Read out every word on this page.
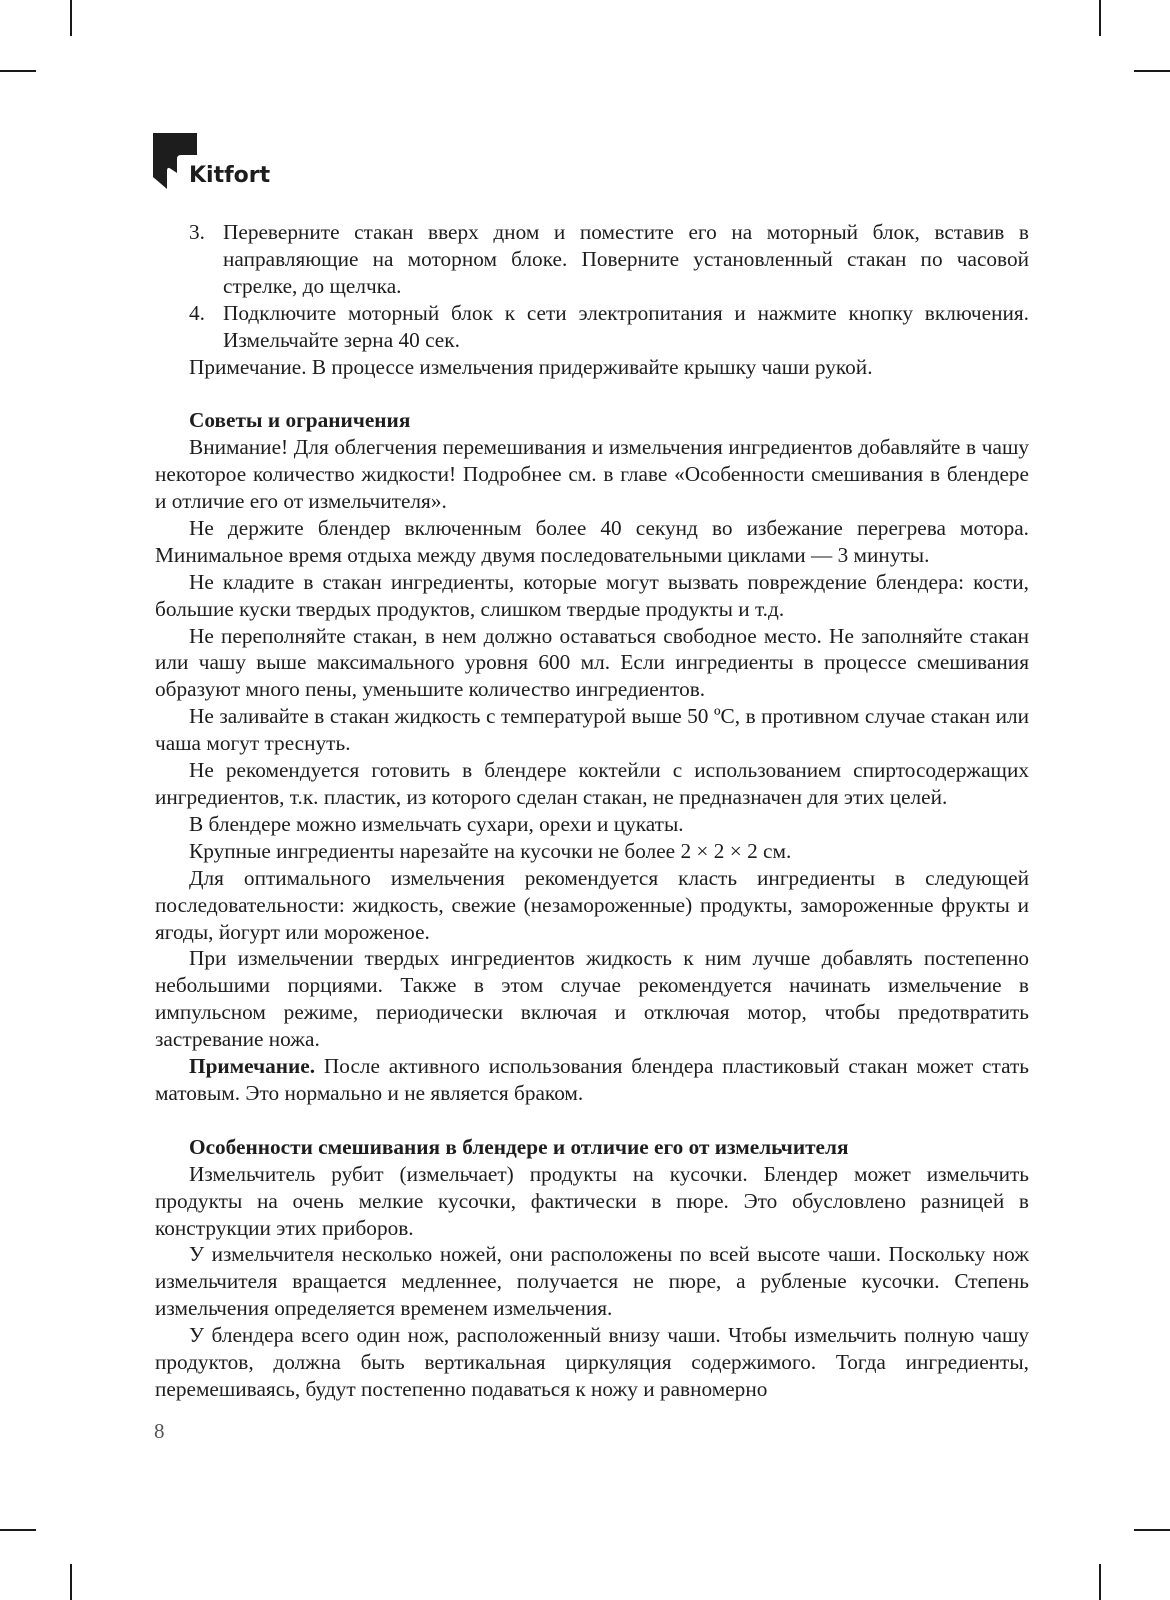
Kitfort
3. Переверните стакан вверх дном и поместите его на моторный блок, вставив в направляющие на моторном блоке. Поверните установленный стакан по часовой стрелке, до щелчка.
4. Подключите моторный блок к сети электропитания и нажмите кнопку включения. Измельчайте зерна 40 сек.

Примечание. В процессе измельчения придерживайте крышку чаши рукой.

Советы и ограничения

Внимание! Для облегчения перемешивания и измельчения ингредиентов добавляйте в чашу некоторое количество жидкости! Подробнее см. в главе «Особенности смешивания в блендере и отличие его от измельчителя».

Не держите блендер включенным более 40 секунд во избежание перегрева мотора. Минимальное время отдыха между двумя последовательными циклами — 3 минуты.

Не кладите в стакан ингредиенты, которые могут вызвать повреждение блендера: кости, большие куски твердых продуктов, слишком твердые продукты и т.д.

Не переполняйте стакан, в нем должно оставаться свободное место. Не заполняйте стакан или чашу выше максимального уровня 600 мл. Если ингредиенты в процессе смешивания образуют много пены, уменьшите количество ингредиентов.

Не заливайте в стакан жидкость с температурой выше 50 ºС, в противном случае стакан или чаша могут треснуть.

Не рекомендуется готовить в блендере коктейли с использованием спиртосодержащих ингредиентов, т.к. пластик, из которого сделан стакан, не предназначен для этих целей.

В блендере можно измельчать сухари, орехи и цукаты.

Крупные ингредиенты нарезайте на кусочки не более 2 × 2 × 2 см.

Для оптимального измельчения рекомендуется класть ингредиенты в следующей последовательности: жидкость, свежие (незамороженные) продукты, замороженные фрукты и ягоды, йогурт или мороженое.

При измельчении твердых ингредиентов жидкость к ним лучше добавлять постепенно небольшими порциями. Также в этом случае рекомендуется начинать измельчение в импульсном режиме, периодически включая и отключая мотор, чтобы предотвратить застревание ножа.

Примечание. После активного использования блендера пластиковый стакан может стать матовым. Это нормально и не является браком.

Особенности смешивания в блендере и отличие его от измельчителя

Измельчитель рубит (измельчает) продукты на кусочки. Блендер может измельчить продукты на очень мелкие кусочки, фактически в пюре. Это обусловлено разницей в конструкции этих приборов.

У измельчителя несколько ножей, они расположены по всей высоте чаши. Поскольку нож измельчителя вращается медленнее, получается не пюре, а рубленые кусочки. Степень измельчения определяется временем измельчения.

У блендера всего один нож, расположенный внизу чаши. Чтобы измельчить полную чашу продуктов, должна быть вертикальная циркуляция содержимого. Тогда ингредиенты, перемешиваясь, будут постепенно подаваться к ножу и равномерно

8
